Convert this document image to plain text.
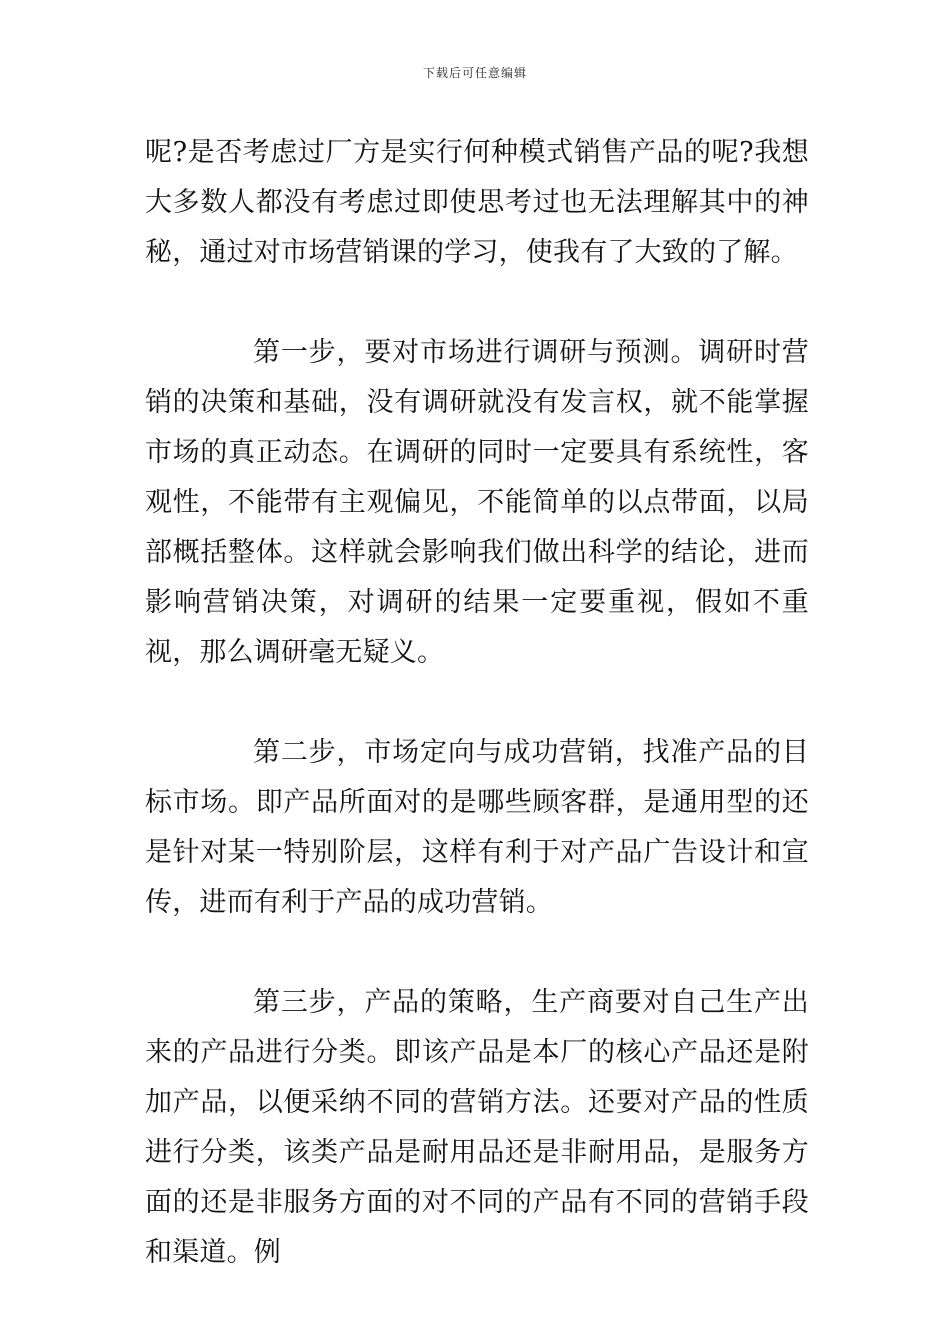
下载后可任意编辑

呢?是否考虑过厂方是实行何种模式销售产品的呢?我想大多数人都没有考虑过即使思考过也无法理解其中的神秘，通过对市场营销课的学习，使我有了大致的了解。

第一步，要对市场进行调研与预测。调研时营销的决策和基础，没有调研就没有发言权，就不能掌握市场的真正动态。在调研的同时一定要具有系统性，客观性，不能带有主观偏见，不能简单的以点带面，以局部概括整体。这样就会影响我们做出科学的结论，进而影响营销决策，对调研的结果一定要重视，假如不重视，那么调研毫无疑义。

第二步，市场定向与成功营销，找准产品的目标市场。即产品所面对的是哪些顾客群，是通用型的还是针对某一特别阶层，这样有利于对产品广告设计和宣传，进而有利于产品的成功营销。

第三步，产品的策略，生产商要对自己生产出来的产品进行分类。即该产品是本厂的核心产品还是附加产品，以便采纳不同的营销方法。还要对产品的性质进行分类，该类产品是耐用品还是非耐用品，是服务方面的还是非服务方面的对不同的产品有不同的营销手段和渠道。例
